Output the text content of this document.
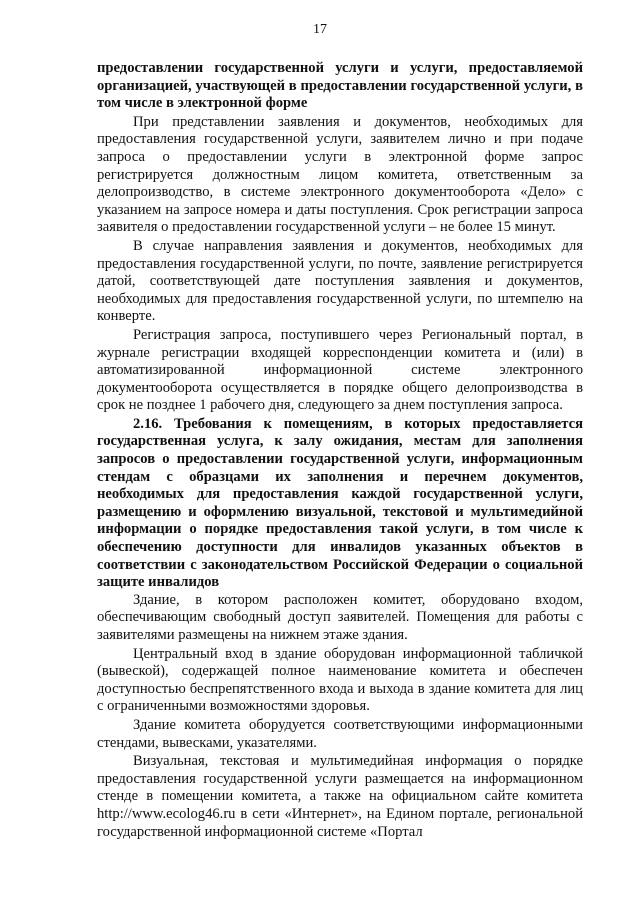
17

предоставлении государственной услуги и услуги, предоставляемой организацией, участвующей в предоставлении государственной услуги, в том числе в электронной форме

При представлении заявления и документов, необходимых для предоставления государственной услуги, заявителем лично и при подаче запроса о предоставлении услуги в электронной форме запрос регистрируется должностным лицом комитета, ответственным за делопроизводство, в системе электронного документооборота «Дело» с указанием на запросе номера и даты поступления. Срок регистрации запроса заявителя о предоставлении государственной услуги – не более 15 минут.

В случае направления заявления и документов, необходимых для предоставления государственной услуги, по почте, заявление регистрируется датой, соответствующей дате поступления заявления и документов, необходимых для предоставления государственной услуги, по штемпелю на конверте.

Регистрация запроса, поступившего через Региональный портал, в журнале регистрации входящей корреспонденции комитета и (или) в автоматизированной информационной системе электронного документооборота осуществляется в порядке общего делопроизводства в срок не позднее 1 рабочего дня, следующего за днем поступления запроса.

2.16. Требования к помещениям, в которых предоставляется государственная услуга, к залу ожидания, местам для заполнения запросов о предоставлении государственной услуги, информационным стендам с образцами их заполнения и перечнем документов, необходимых для предоставления каждой государственной услуги, размещению и оформлению визуальной, текстовой и мультимедийной информации о порядке предоставления такой услуги, в том числе к обеспечению доступности для инвалидов указанных объектов в соответствии с законодательством Российской Федерации о социальной защите инвалидов

Здание, в котором расположен комитет, оборудовано входом, обеспечивающим свободный доступ заявителей. Помещения для работы с заявителями размещены на нижнем этаже здания.

Центральный вход в здание оборудован информационной табличкой (вывеской), содержащей полное наименование комитета и обеспечен доступностью беспрепятственного входа и выхода в здание комитета для лиц с ограниченными возможностями здоровья.

Здание комитета оборудуется соответствующими информационными стендами, вывесками, указателями.

Визуальная, текстовая и мультимедийная информация о порядке предоставления государственной услуги размещается на информационном стенде в помещении комитета, а также на официальном сайте комитета http://www.ecolog46.ru в сети «Интернет», на Едином портале, региональной государственной информационной системе «Портал
